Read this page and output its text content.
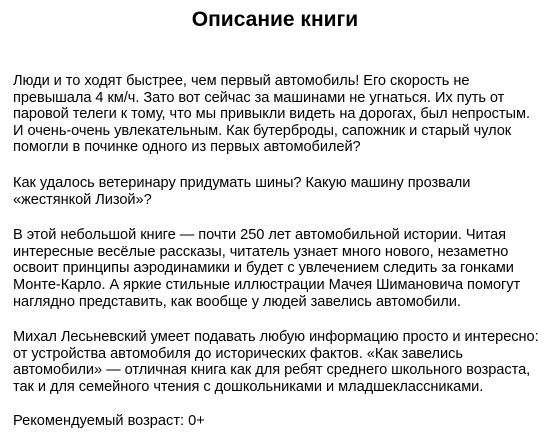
Описание книги

Люди и то ходят быстрее, чем первый автомобиль! Его скорость не превышала 4 км/ч. Зато вот сейчас за машинами не угнаться. Их путь от паровой телеги к тому, что мы привыкли видеть на дорогах, был непростым. И очень-очень увлекательным. Как бутерброды, сапожник и старый чулок помогли в починке одного из первых автомобилей?

Как удалось ветеринару придумать шины? Какую машину прозвали «жестянкой Лизой»?

В этой небольшой книге — почти 250 лет автомобильной истории. Читая интересные весёлые рассказы, читатель узнает много нового, незаметно освоит принципы аэродинамики и будет с увлечением следить за гонками Монте-Карло. А яркие стильные иллюстрации Мачея Шимановича помогут наглядно представить, как вообще у людей завелись автомобили.

Михал Лесьневский умеет подавать любую информацию просто и интересно: от устройства автомобиля до исторических фактов. «Как завелись автомобили» — отличная книга как для ребят среднего школьного возраста, так и для семейного чтения с дошкольниками и младшеклассниками.

Рекомендуемый возраст: 0+
